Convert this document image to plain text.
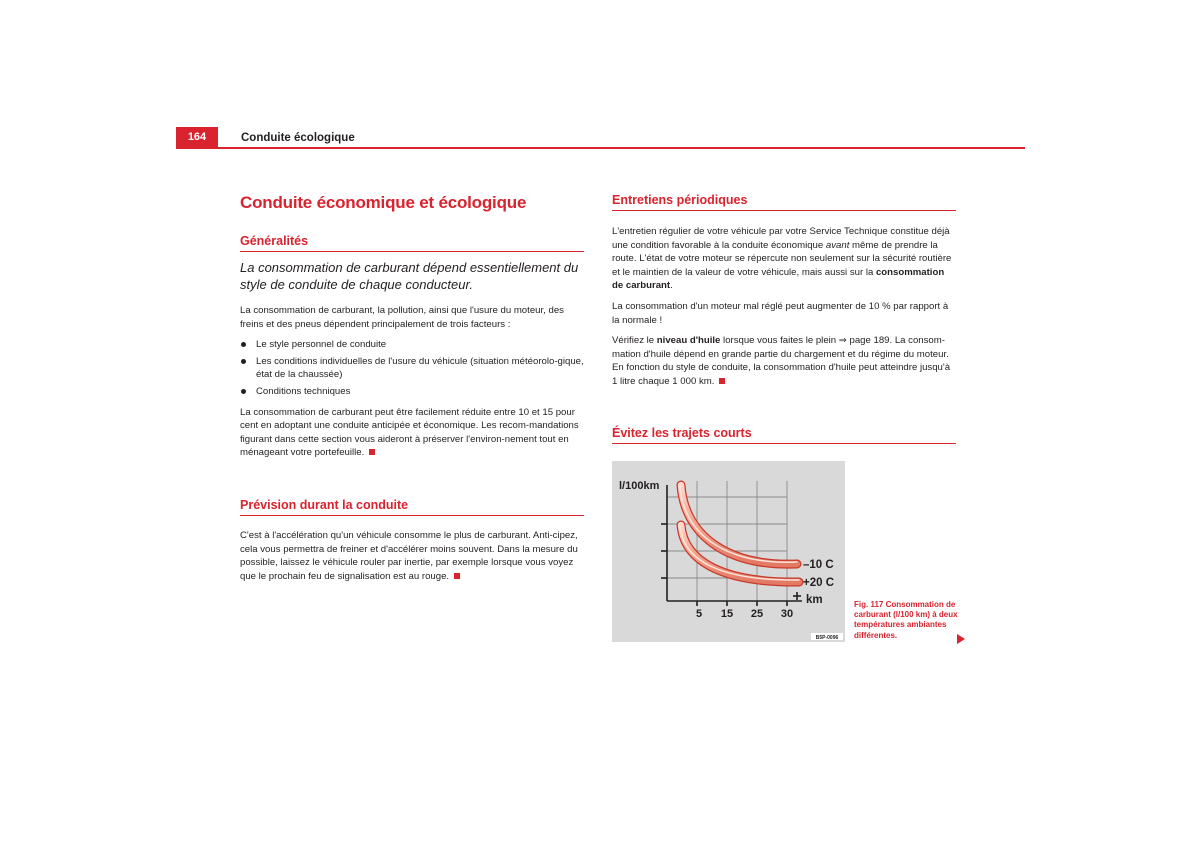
164	Conduite écologique
Conduite économique et écologique
Généralités
La consommation de carburant dépend essentiellement du style de conduite de chaque conducteur.

La consommation de carburant, la pollution, ainsi que l'usure du moteur, des freins et des pneus dépendent principalement de trois facteurs :

Le style personnel de conduite
Les conditions individuelles de l'usure du véhicule (situation météorolo-gique, état de la chaussée)
Conditions techniques

La consommation de carburant peut être facilement réduite entre 10 et 15 pour cent en adoptant une conduite anticipée et économique. Les recom-mandations figurant dans cette section vous aideront à préserver l'environ-nement tout en ménageant votre portefeuille.

Prévision durant la conduite

C'est à l'accélération qu'un véhicule consomme le plus de carburant. Anti-cipez, cela vous permettra de freiner et d'accélérer moins souvent. Dans la mesure du possible, laissez le véhicule rouler par inertie, par exemple lorsque vous voyez que le prochain feu de signalisation est au rouge.

Entretiens périodiques

L'entretien régulier de votre véhicule par votre Service Technique constitue déjà une condition favorable à la conduite économique avant même de prendre la route. L'état de votre moteur se répercute non seulement sur la sécurité routière et le maintien de la valeur de votre véhicule, mais aussi sur la consommation de carburant.

La consommation d'un moteur mal réglé peut augmenter de 10 % par rapport à la normale !

Vérifiez le niveau d'huile lorsque vous faites le plein ⇒ page 189. La consom-mation d'huile dépend en grande partie du chargement et du régime du moteur. En fonction du style de conduite, la consommation d'huile peut atteindre jusqu'à 1 litre chaque 1 000 km.

Évitez les trajets courts
l/100km
–10 C
+20 C
km
5 15 25 30
B5P-0096
Fig. 117 Consommation de carburant (l/100 km) à deux températures ambiantes différentes.
